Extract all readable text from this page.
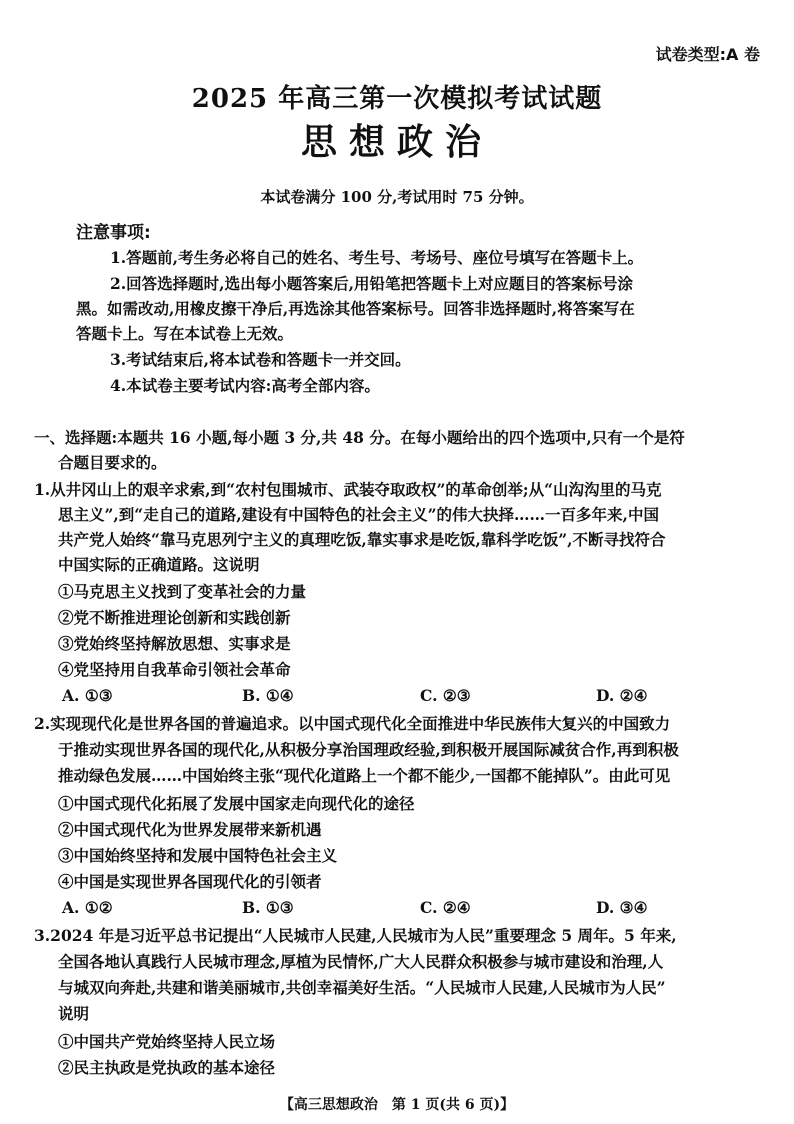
试卷类型:A 卷
2025 年高三第一次模拟考试试题
思想政治
本试卷满分 100 分,考试用时 75 分钟。
注意事项:
1.答题前,考生务必将自己的姓名、考生号、考场号、座位号填写在答题卡上。
2.回答选择题时,选出每小题答案后,用铅笔把答题卡上对应题目的答案标号涂
黑。如需改动,用橡皮擦干净后,再选涂其他答案标号。回答非选择题时,将答案写在
答题卡上。写在本试卷上无效。
3.考试结束后,将本试卷和答题卡一并交回。
4.本试卷主要考试内容:高考全部内容。
一、选择题:本题共 16 小题,每小题 3 分,共 48 分。在每小题给出的四个选项中,只有一个是符
合题目要求的。
1.从井冈山上的艰辛求索,到“农村包围城市、武装夺取政权”的革命创举;从“山沟沟里的马克
思主义”,到“走自己的道路,建设有中国特色的社会主义”的伟大抉择……一百多年来,中国
共产党人始终“靠马克思列宁主义的真理吃饭,靠实事求是吃饭,靠科学吃饭”,不断寻找符合
中国实际的正确道路。这说明
①马克思主义找到了变革社会的力量
②党不断推进理论创新和实践创新
③党始终坚持解放思想、实事求是
④党坚持用自我革命引领社会革命
A. ①③	B. ①④	C. ②③	D. ②④
2.实现现代化是世界各国的普遍追求。以中国式现代化全面推进中华民族伟大复兴的中国致力
于推动实现世界各国的现代化,从积极分享治国理政经验,到积极开展国际减贫合作,再到积极
推动绿色发展……中国始终主张“现代化道路上一个都不能少,一国都不能掉队”。由此可见
①中国式现代化拓展了发展中国家走向现代化的途径
②中国式现代化为世界发展带来新机遇
③中国始终坚持和发展中国特色社会主义
④中国是实现世界各国现代化的引领者
A. ①②	B. ①③	C. ②④	D. ③④
3.2024 年是习近平总书记提出“人民城市人民建,人民城市为人民”重要理念 5 周年。5 年来,
全国各地认真践行人民城市理念,厚植为民情怀,广大人民群众积极参与城市建设和治理,人
与城双向奔赴,共建和谐美丽城市,共创幸福美好生活。“人民城市人民建,人民城市为人民”
说明
①中国共产党始终坚持人民立场
②民主执政是党执政的基本途径
【高三思想政治　第 1 页(共 6 页)】
